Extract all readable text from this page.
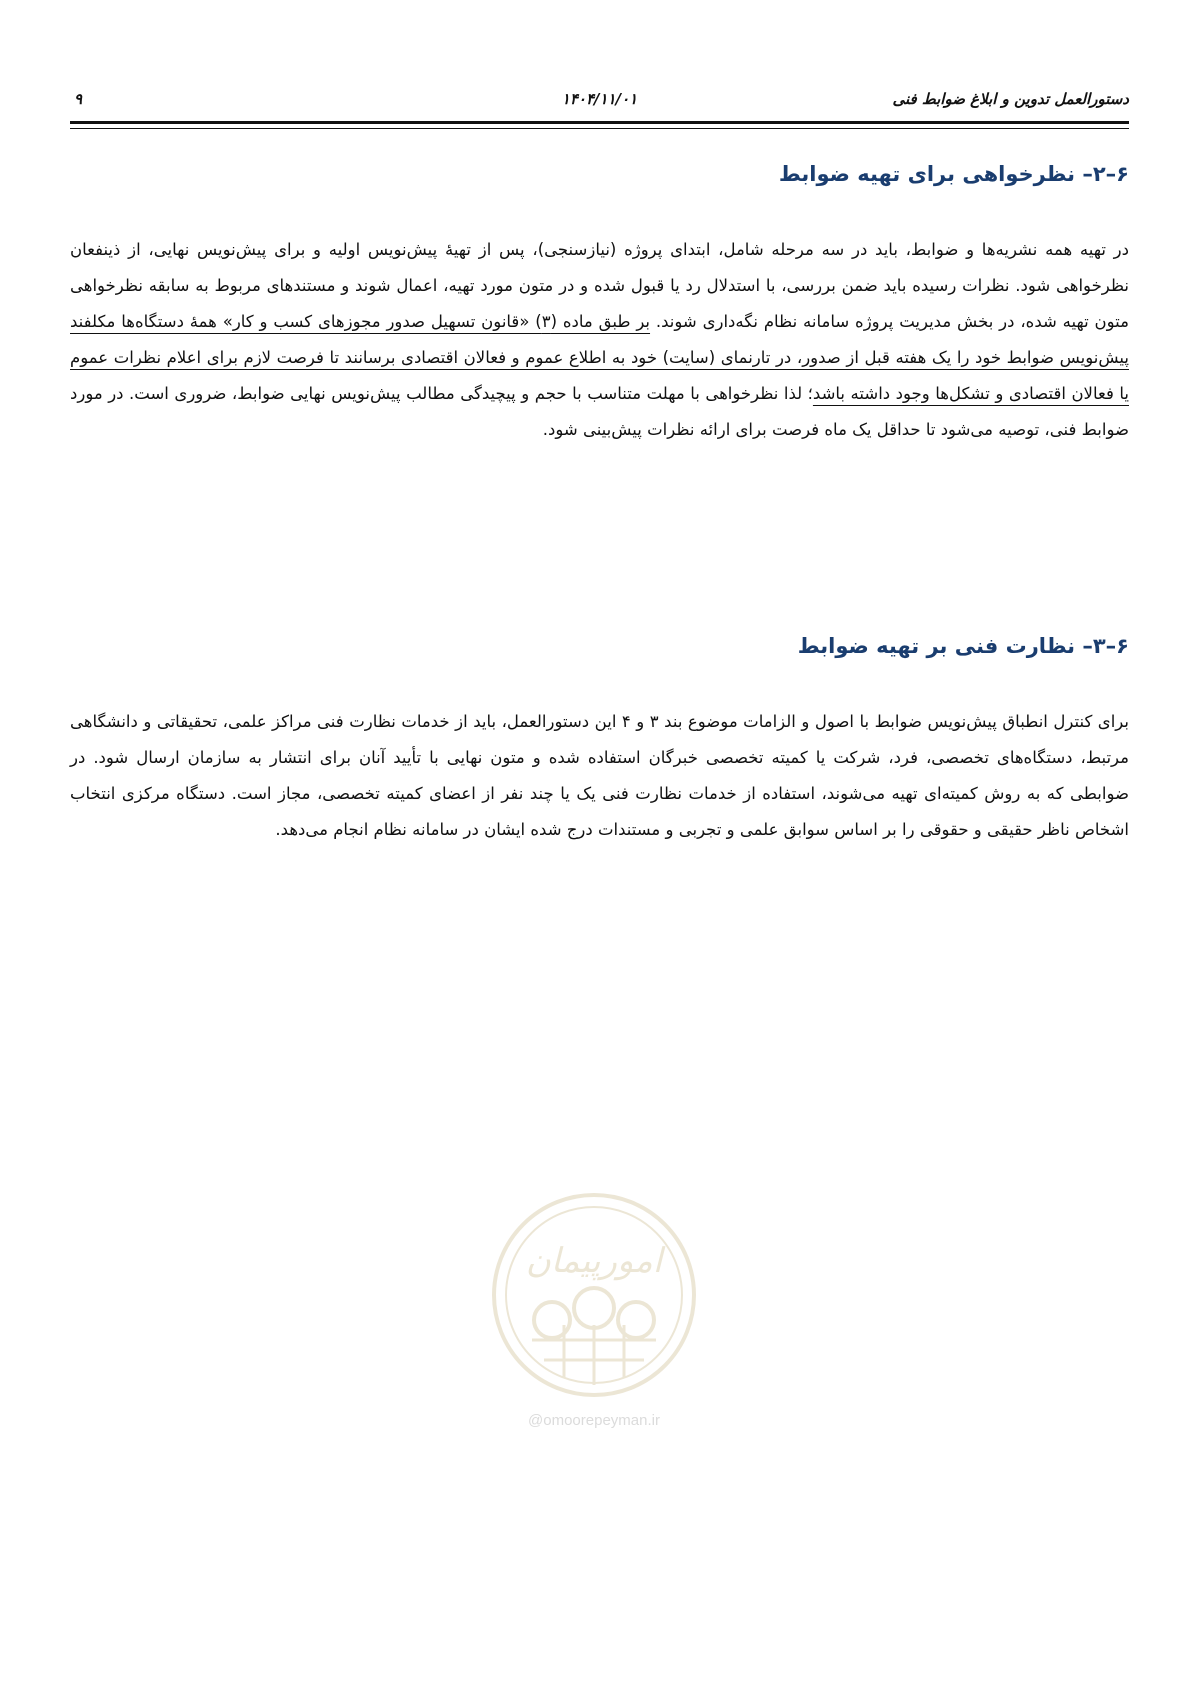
۹	۱۴۰۴/۱۱/۰۱	دستورالعمل تدوین و ابلاغ ضوابط فنی
۶–۲– نظرخواهی برای تهیه ضوابط

در تهیه همه نشریه‌ها و ضوابط، باید در سه مرحله شامل، ابتدای پروژه (نیازسنجی)، پس از تهیهٔ پیش‌نویس اولیه و برای پیش‌نویس نهایی، از ذینفعان نظرخواهی شود. نظرات رسیده باید ضمن بررسی، با استدلال رد یا قبول شده و در متون مورد تهیه، اعمال شوند و مستندهای مربوط به سابقه نظرخواهی متون تهیه شده، در بخش مدیریت پروژه سامانه نظام نگه‌داری شوند. بر طبق ماده (۳) «قانون تسهیل صدور مجوزهای کسب و کار» همهٔ دستگاه‌ها مکلفند پیش‌نویس ضوابط خود را یک هفته قبل از صدور، در تارنمای (سایت) خود به اطلاع عموم و فعالان اقتصادی برسانند تا فرصت لازم برای اعلام نظرات عموم یا فعالان اقتصادی و تشکل‌ها وجود داشته باشد؛ لذا نظرخواهی با مهلت متناسب با حجم و پیچیدگی مطالب پیش‌نویس نهایی ضوابط، ضروری است. در مورد ضوابط فنی، توصیه می‌شود تا حداقل یک ماه فرصت برای ارائه نظرات پیش‌بینی شود.

۶–۳– نظارت فنی بر تهیه ضوابط

برای کنترل انطباق پیش‌نویس ضوابط با اصول و الزامات موضوع بند ۳ و ۴ این دستورالعمل، باید از خدمات نظارت فنی مراکز علمی، تحقیقاتی و دانشگاهی مرتبط، دستگاه‌های تخصصی، فرد، شرکت یا کمیته تخصصی خبرگان استفاده شده و متون نهایی با تأیید آنان برای انتشار به سازمان ارسال شود. در ضوابطی که به روش کمیته‌ای تهیه می‌شوند، استفاده از خدمات نظارت فنی یک یا چند نفر از اعضای کمیته تخصصی، مجاز است. دستگاه مرکزی انتخاب اشخاص ناظر حقیقی و حقوقی را بر اساس سوابق علمی و تجربی و مستندات درج شده ایشان در سامانه نظام انجام می‌دهد.

امورپیمان
@omoorepeyman.ir
